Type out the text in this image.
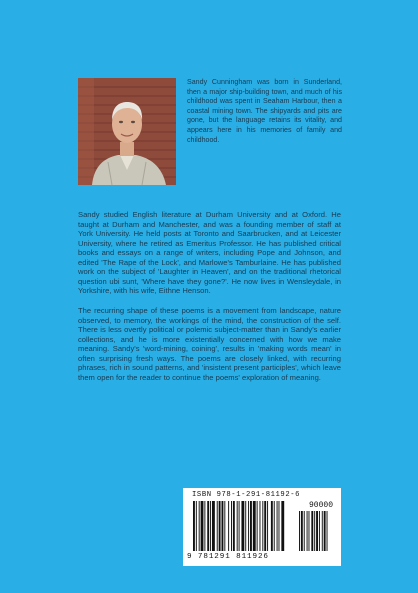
Sandy Cunningham was born in Sunderland, then a major ship-building town, and much of his childhood was spent in Seaham Harbour, then a coastal mining town. The shipyards and pits are gone, but the language retains its vitality, and appears here in his memories of family and childhood.

Sandy studied English literature at Durham University and at Oxford. He taught at Durham and Manchester, and was a founding member of staff at York University. He held posts at Toronto and Saarbrucken, and at Leicester University, where he retired as Emeritus Professor. He has published critical books and essays on a range of writers, including Pope and Johnson, and edited 'The Rape of the Lock', and Marlowe's Tamburlaine. He has published work on the subject of 'Laughter in Heaven', and on the traditional rhetorical question ubi sunt, 'Where have they gone?'. He now lives in Wensleydale, in Yorkshire, with his wife, Eithne Henson.

The recurring shape of these poems is a movement from landscape, nature observed, to memory, the workings of the mind, the construction of the self. There is less overtly political or polemic subject-matter than in Sandy's earlier collections, and he is more existentially concerned with how we make meaning. Sandy's 'word-mining, coining', results in 'making words mean' in often surprising fresh ways. The poems are closely linked, with recurring phrases, rich in sound patterns, and 'insistent present participles', which leave them open for the reader to continue the poems' exploration of meaning.

ISBN 978-1-291-81192-6
90000
9 781291 811926
